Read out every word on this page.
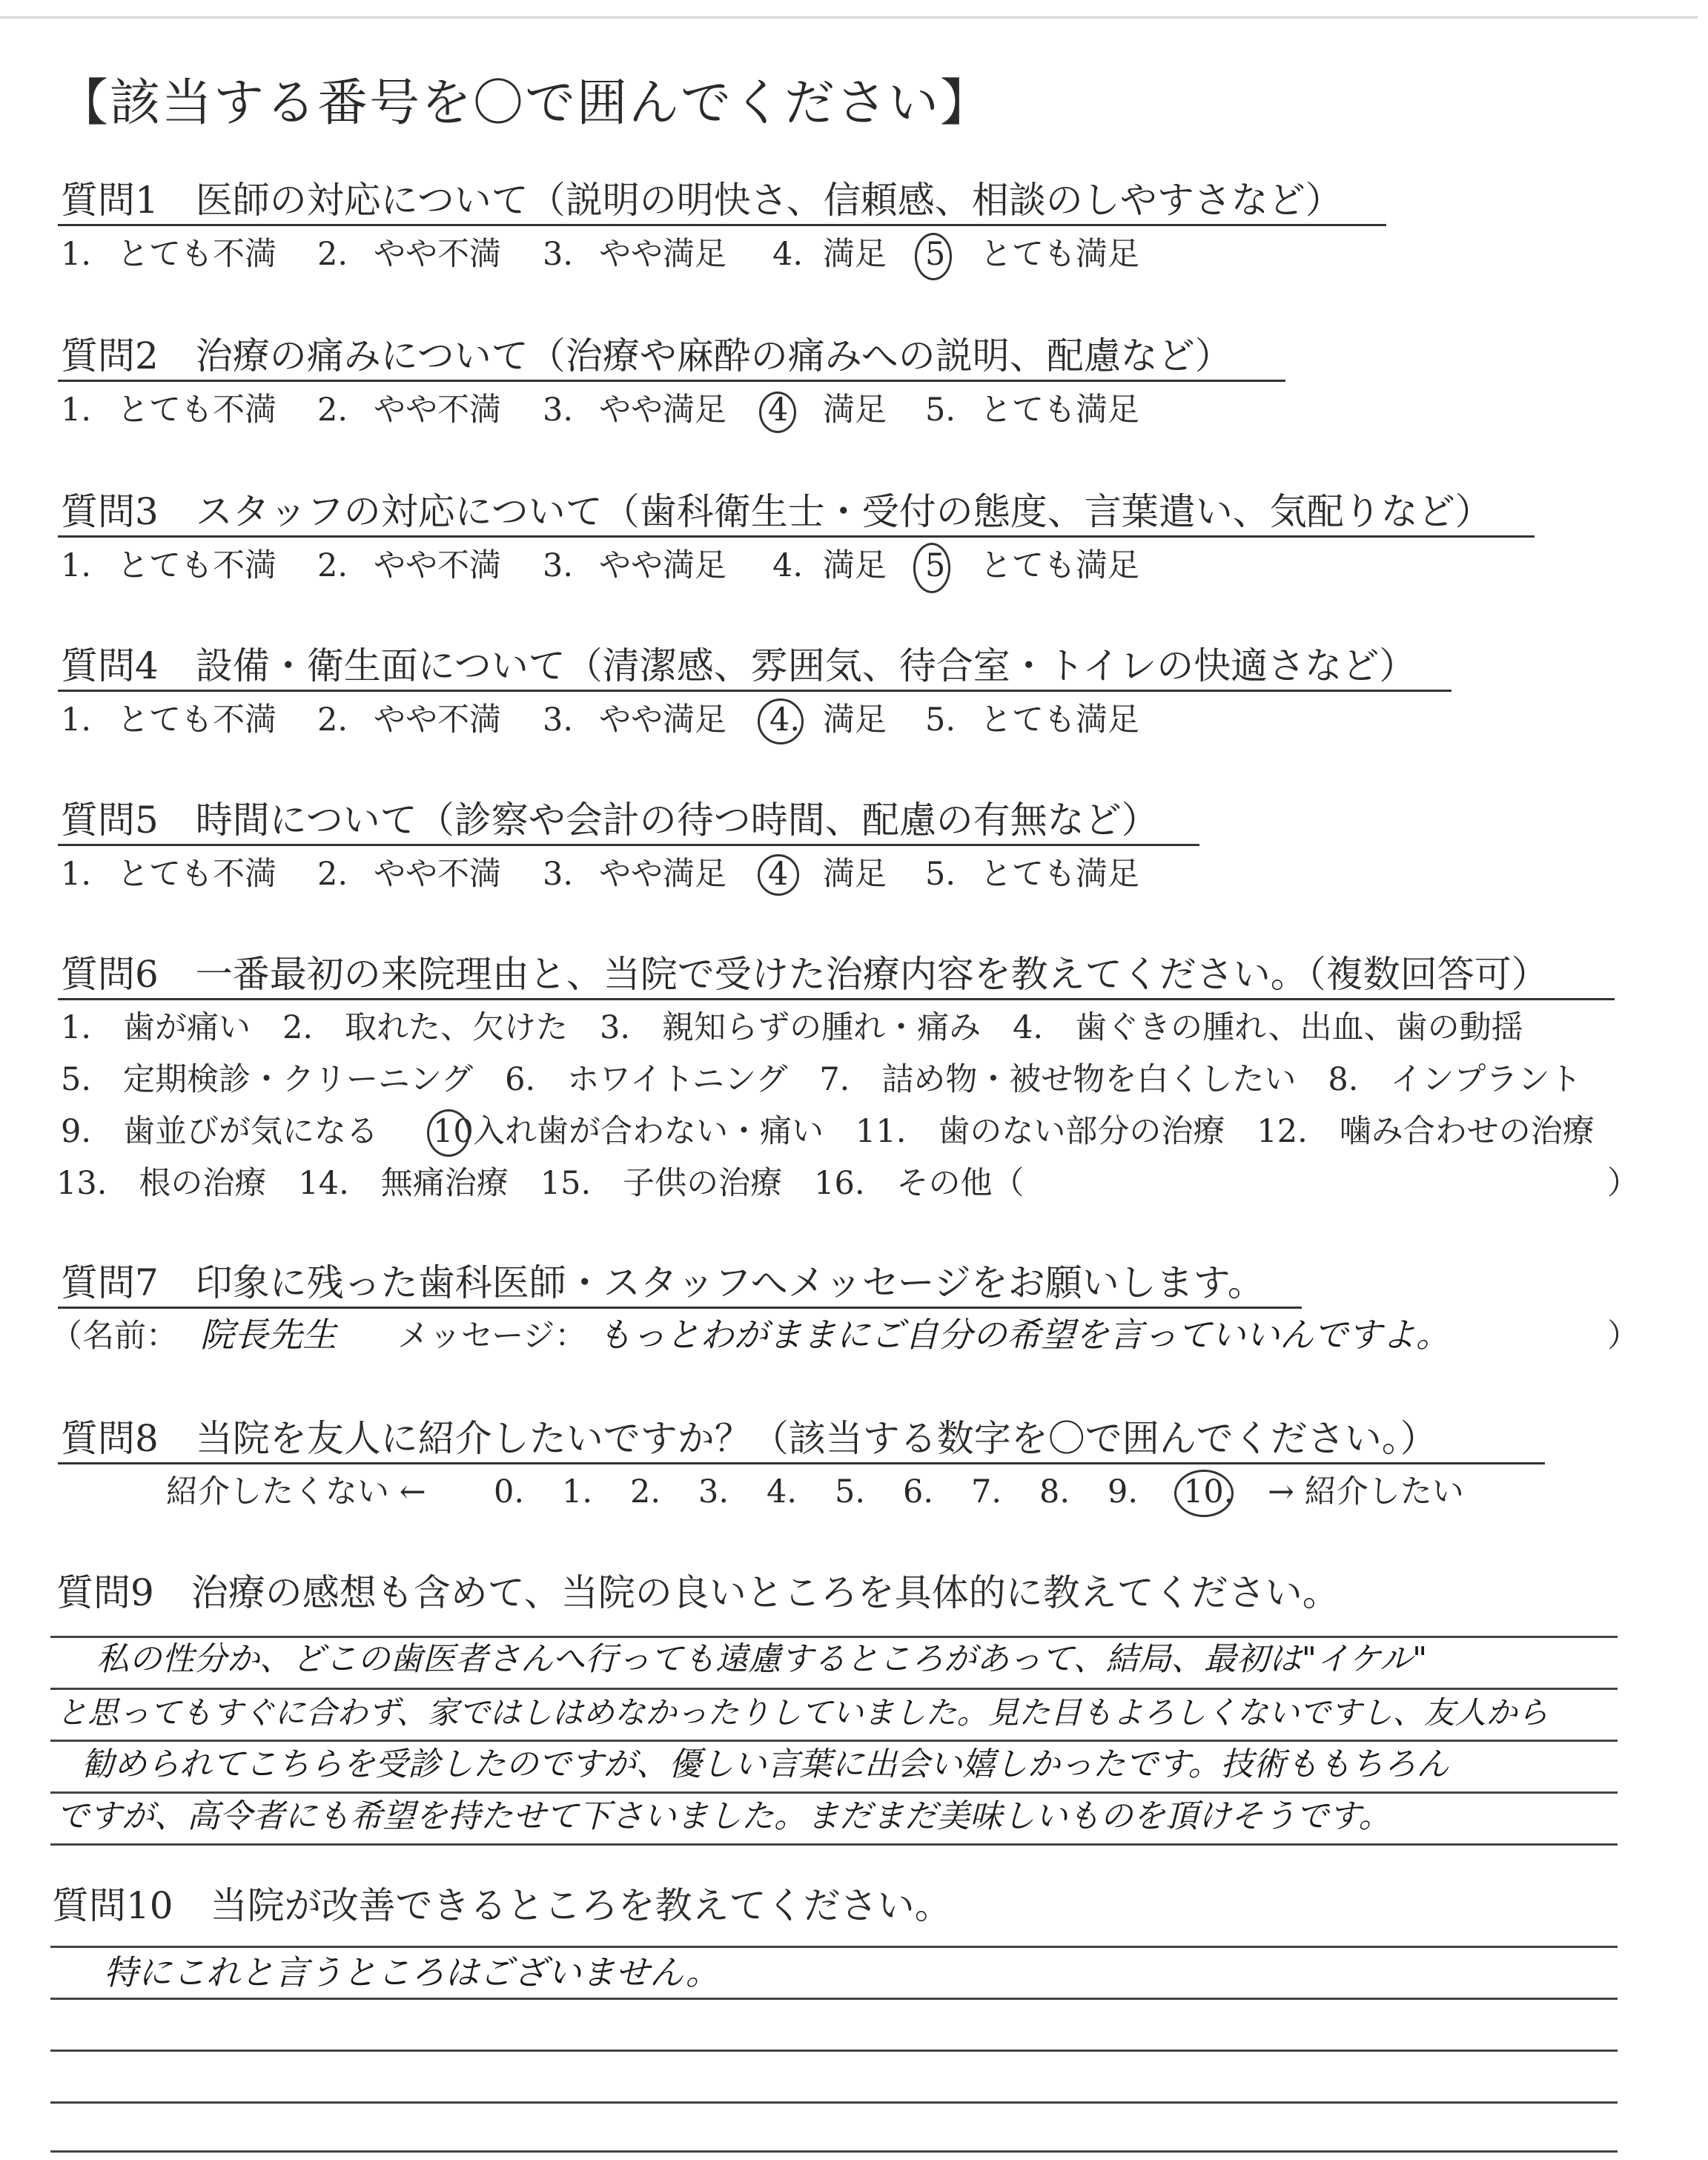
【該当する番号を〇で囲んでください】
質問1　医師の対応について（説明の明快さ、信頼感、相談のしやすさなど）
1. とても不満 2. やや不満 3. やや満足 4. 満足 5 とても満足
質問2　治療の痛みについて（治療や麻酔の痛みへの説明、配慮など）
1. とても不満 2. やや不満 3. やや満足 4 満足 5. とても満足
質問3　スタッフの対応について（歯科衛生士・受付の態度、言葉遣い、気配りなど）
1. とても不満 2. やや不満 3. やや満足 4. 満足 5 とても満足
質問4　設備・衛生面について（清潔感、雰囲気、待合室・トイレの快適さなど）
1. とても不満 2. やや不満 3. やや満足 4. 満足 5. とても満足
質問5　時間について（診察や会計の待つ時間、配慮の有無など）
1. とても不満 2. やや不満 3. やや満足 4 満足 5. とても満足
質問6　一番最初の来院理由と、当院で受けた治療内容を教えてください。（複数回答可）
1.　歯が痛い　2.　取れた、欠けた　3.　親知らずの腫れ・痛み　4.　歯ぐきの腫れ、出血、歯の動揺
5.　定期検診・クリーニング　6.　ホワイトニング　7.　詰め物・被せ物を白くしたい　8.　インプラント
9.　歯並びが気になる 10 入れ歯が合わない・痛い　11.　歯のない部分の治療　12.　噛み合わせの治療
13.　根の治療　14.　無痛治療　15.　子供の治療　16.　その他（	）
質問7　印象に残った歯科医師・スタッフへメッセージをお願いします。
（名前： 院長先生 メッセージ： もっとわがままにご自分の希望を言っていいんですよ。	）
質問8　当院を友人に紹介したいですか？（該当する数字を〇で囲んでください。）
紹介したくない ← 0. 1. 2. 3. 4. 5. 6. 7. 8. 9. 10. → 紹介したい
質問9　治療の感想も含めて、当院の良いところを具体的に教えてください。
私の性分か、どこの歯医者さんへ行っても遠慮するところがあって、結局、最初は"イケル"
と思ってもすぐに合わず、家ではしはめなかったりしていました。見た目もよろしくないですし、友人から
勧められてこちらを受診したのですが、優しい言葉に出会い嬉しかったです。技術ももちろん
ですが、高令者にも希望を持たせて下さいました。まだまだ美味しいものを頂けそうです。
質問10　当院が改善できるところを教えてください。
特にこれと言うところはございません。
